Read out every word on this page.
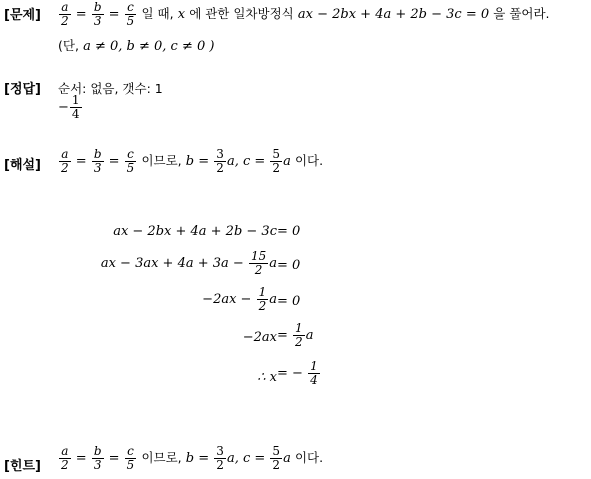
[문제] $\frac{a}{2} = \frac{b}{3} = \frac{c}{5}$ 일 때, x 에 관한 일차방정식 ax − 2bx + 4a + 2b − 3c = 0 을 풀어라.
(단, a ≠ 0, b ≠ 0, c ≠ 0 )
[정답] 순서: 없음, 갯수: 1
− $\frac{1}{4}$
[해설] $\frac{a}{2} = \frac{b}{3} = \frac{c}{5}$ 이므로, $b = \frac{3}{2} a$, $c = \frac{5}{2}$ a 이다.
ax − 2bx + 4a + 2b − 3c = 0
ax − $3ax + 4a + 3a - \frac{15}{2}$ a = 0
$-2ax - \frac{1}{2}$ a = 0
$-2ax = \frac{1}{2}$ a
∴ x = − $\frac{1}{4}$
[힌트] $\frac{a}{2} = \frac{b}{3} = \frac{c}{5}$ 이므로, $b = \frac{3}{2} a$, $c = \frac{5}{2}$ a 이다.
